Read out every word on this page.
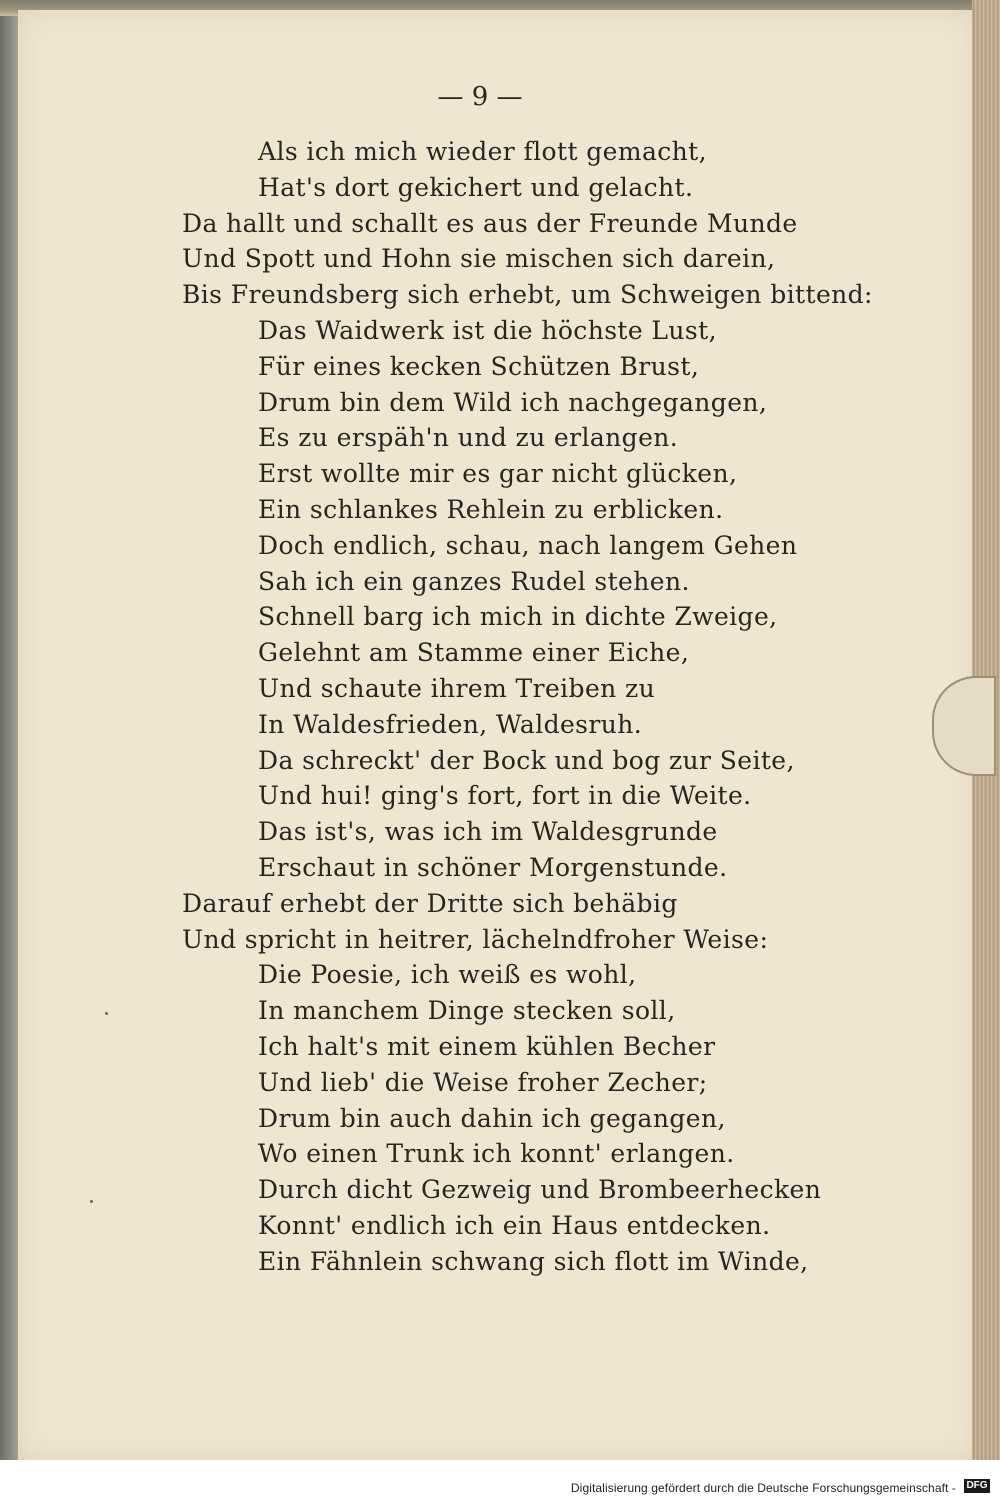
— 9 —
Als ich mich wieder flott gemacht,
Hat's dort gekichert und gelacht.
Da hallt und schallt es aus der Freunde Munde
Und Spott und Hohn sie mischen sich darein,
Bis Freundsberg sich erhebt, um Schweigen bittend:
Das Waidwerk ist die höchste Lust,
Für eines kecken Schützen Brust,
Drum bin dem Wild ich nachgegangen,
Es zu erspäh'n und zu erlangen.
Erst wollte mir es gar nicht glücken,
Ein schlankes Rehlein zu erblicken.
Doch endlich, schau, nach langem Gehen
Sah ich ein ganzes Rudel stehen.
Schnell barg ich mich in dichte Zweige,
Gelehnt am Stamme einer Eiche,
Und schaute ihrem Treiben zu
In Waldesfrieden, Waldesruh.
Da schreckt' der Bock und bog zur Seite,
Und hui! ging's fort, fort in die Weite.
Das ist's, was ich im Waldesgrunde
Erschaut in schöner Morgenstunde.
Darauf erhebt der Dritte sich behäbig
Und spricht in heitrer, lächelndfroher Weise:
Die Poesie, ich weiß es wohl,
In manchem Dinge stecken soll,
Ich halt's mit einem kühlen Becher
Und lieb' die Weise froher Zecher;
Drum bin auch dahin ich gegangen,
Wo einen Trunk ich konnt' erlangen.
Durch dicht Gezweig und Brombeerhecken
Konnt' endlich ich ein Haus entdecken.
Ein Fähnlein schwang sich flott im Winde,
Digitalisierung gefördert durch die Deutsche Forschungsgemeinschaft - DFG
